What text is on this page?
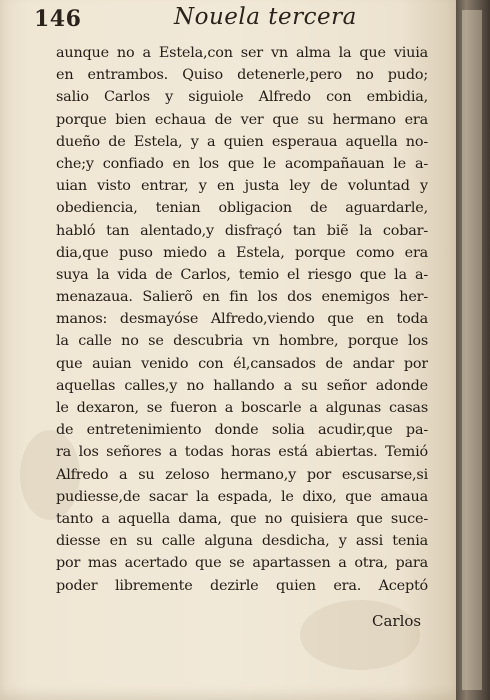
146	Nouela tercera
aunque no a Estela,con ser vn alma la que viuia
en entrambos. Quiso detenerle,pero no pudo;
salio Carlos y siguiole Alfredo con embidia,
porque bien echaua de ver que su hermano era
dueño de Estela, y a quien esperaua aquella no-
che;y confiado en los que le acompañauan le a-
uian visto entrar, y en justa ley de voluntad y
obediencia, tenian obligacion de aguardarle,
habló tan alentado,y disfraçó tan biẽ la cobar-
dia,que puso miedo a Estela, porque como era
suya la vida de Carlos, temio el riesgo que la a-
menazaua. Salierõ en fin los dos enemigos her-
manos: desmayóse Alfredo,viendo que en toda
la calle no se descubria vn hombre, porque los
que auian venido con él,cansados de andar por
aquellas calles,y no hallando a su señor adonde
le dexaron, se fueron a boscarle a algunas casas
de entretenimiento donde solia acudir,que pa-
ra los señores a todas horas está abiertas. Temió
Alfredo a su zeloso hermano,y por escusarse,si
pudiesse,de sacar la espada, le dixo, que amaua
tanto a aquella dama, que no quisiera que suce-
diesse en su calle alguna desdicha, y assi tenia
por mas acertado que se apartassen a otra, para
poder libremente dezirle quien era. Aceptó
Carlos
